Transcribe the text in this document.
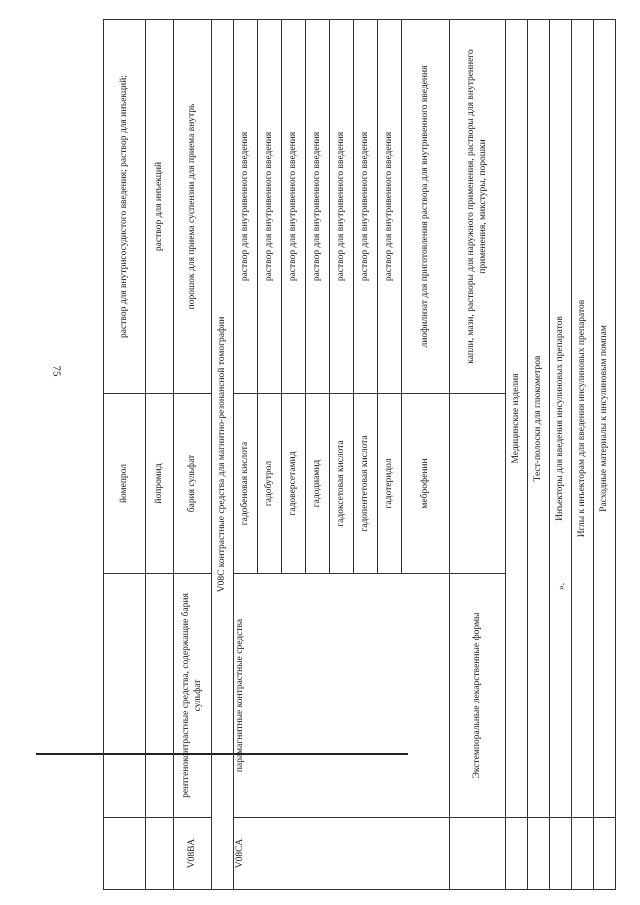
75
		йомепрол	раствор для внутрисосудистого введения; раствор для инъекций;
		йопромид	раствор для инъекций
V08BA	рентгеноконтрастные средства, содержащие бария сульфат	бария сульфат	порошок для приема суспензии для приема внутрь
V08C контрастные средства для магнитно-резонансной томографии			
V08CA	парамагнитные контрастные средства	гадобеновая кислота	раствор для внутривенного введения
		гадобутрол	раствор для внутривенного введения
		гадоверсетамид	раствор для внутривенного введения
		гадодиамид	раствор для внутривенного введения
		гадоксетовая кислота	раствор для внутривенного введения
		гадопентетовая кислота	раствор для внутривенного введения
		гадотеридол	раствор для внутривенного введения
		меброфенин	лиофилизат для приготовления раствора для внутривенного введения
	Экстемпоральные лекарственные формы		капли, мази, растворы для наружного применения, растворы для внутреннего применения, микстуры, порошки
	Медицинские изделия		
	Тест-полоски для глюкометров		
	Инъекторы для введения инсулиновых препаратов		
	Иглы к инъекторам для введения инсулиновых препаратов		
	Расходные материалы к инсулиновым помпам		
».
